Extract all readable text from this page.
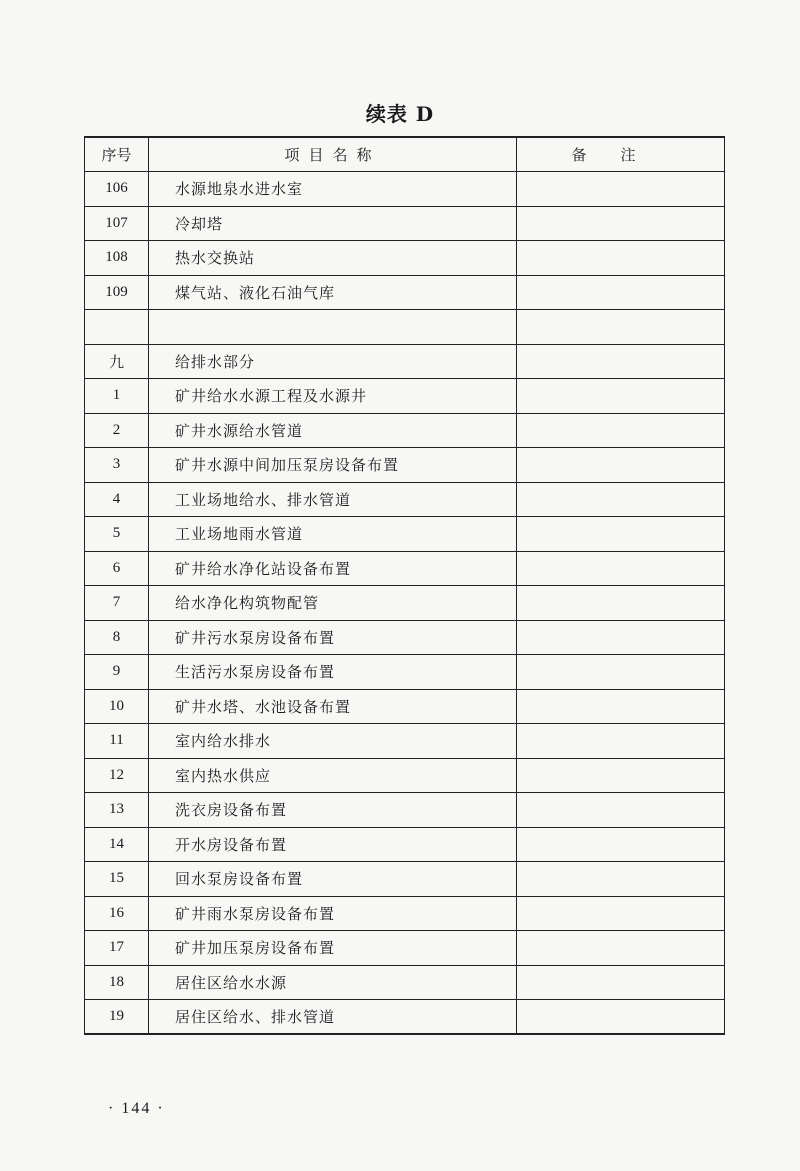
续表 D
序号	项目名称	备注
106	水源地泉水进水室	
107	冷却塔	
108	热水交换站	
109	煤气站、液化石油气库	

九	给排水部分	
1	矿井给水水源工程及水源井	
2	矿井水源给水管道	
3	矿井水源中间加压泵房设备布置	
4	工业场地给水、排水管道	
5	工业场地雨水管道	
6	矿井给水净化站设备布置	
7	给水净化构筑物配管	
8	矿井污水泵房设备布置	
9	生活污水泵房设备布置	
10	矿井水塔、水池设备布置	
11	室内给水排水	
12	室内热水供应	
13	洗衣房设备布置	
14	开水房设备布置	
15	回水泵房设备布置	
16	矿井雨水泵房设备布置	
17	矿井加压泵房设备布置	
18	居住区给水水源	
19	居住区给水、排水管道	
· 144 ·
